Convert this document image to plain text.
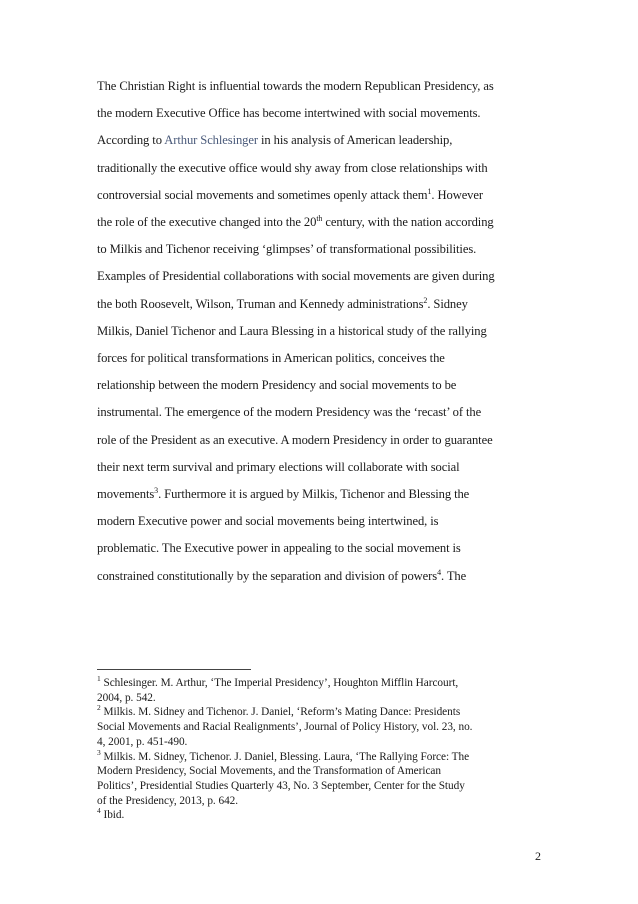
The Christian Right is influential towards the modern Republican Presidency, as
the modern Executive Office has become intertwined with social movements.
According to Arthur Schlesinger in his analysis of American leadership,
traditionally the executive office would shy away from close relationships with
controversial social movements and sometimes openly attack them$^1$. However
the role of the executive changed into the 20th century, with the nation according
to Milkis and Tichenor receiving ‘glimpses’ of transformational possibilities.
Examples of Presidential collaborations with social movements are given during
the both Roosevelt, Wilson, Truman and Kennedy administrations$^2$. Sidney
Milkis, Daniel Tichenor and Laura Blessing in a historical study of the rallying
forces for political transformations in American politics, conceives the
relationship between the modern Presidency and social movements to be
instrumental. The emergence of the modern Presidency was the ‘recast’ of the
role of the President as an executive. A modern Presidency in order to guarantee
their next term survival and primary elections will collaborate with social
movements$^3$. Furthermore it is argued by Milkis, Tichenor and Blessing the
modern Executive power and social movements being intertwined, is
problematic. The Executive power in appealing to the social movement is
constrained constitutionally by the separation and division of powers$^4$. The
$^1$ Schlesinger. M. Arthur, ‘The Imperial Presidency’, Houghton Mifflin Harcourt,
2004, p. 542.
$^2$ Milkis. M. Sidney and Tichenor. J. Daniel, ‘Reform’s Mating Dance: Presidents
Social Movements and Racial Realignments’, Journal of Policy History, vol. 23, no.
4, 2001, p. 451-490.
$^3$ Milkis. M. Sidney, Tichenor. J. Daniel, Blessing. Laura, ‘The Rallying Force: The
Modern Presidency, Social Movements, and the Transformation of American
Politics’, Presidential Studies Quarterly 43, No. 3 September, Center for the Study
of the Presidency, 2013, p. 642.
$^4$ Ibid.
2
